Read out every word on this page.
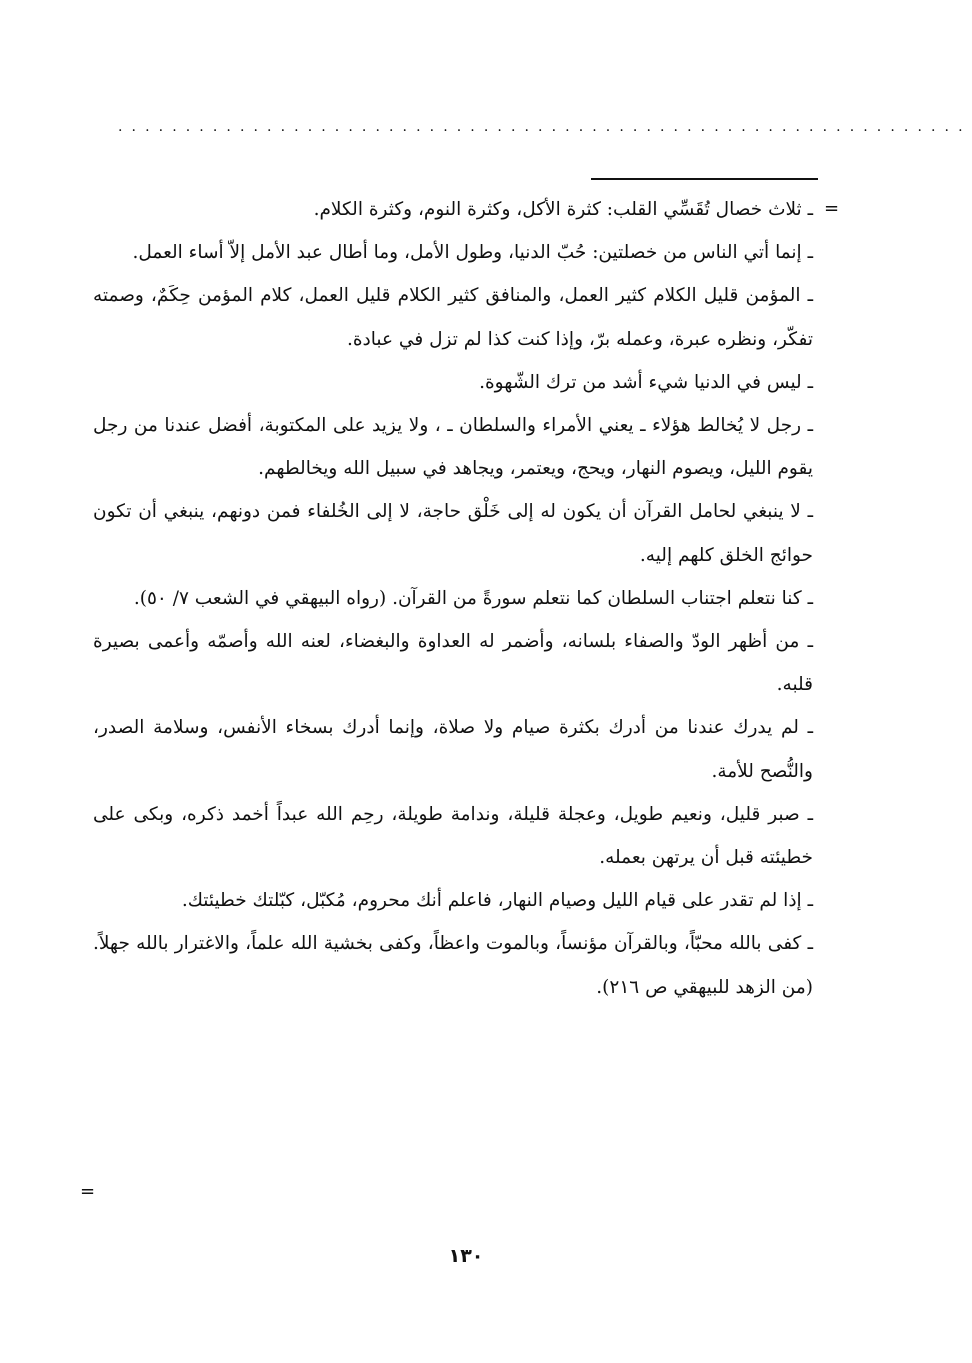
...............................................................
=
=

ـ ثلاث خصال تُقَسِّي القلب: كثرة الأكل، وكثرة النوم، وكثرة الكلام.

ـ إنما أتي الناس من خصلتين: حُبّ الدنيا، وطول الأمل، وما أطال عبد الأمل إلاّ أساء العمل.

ـ المؤمن قليل الكلام كثير العمل، والمنافق كثير الكلام قليل العمل، كلام المؤمن حِكَمٌ، وصمته تفكّر، ونظره عبرة، وعمله برّ، وإذا كنت كذا لم تزل في عبادة.

ـ ليس في الدنيا شيء أشد من ترك الشّهوة.

ـ رجل لا يُخالط هؤلاء ـ يعني الأمراء والسلطان ـ ، ولا يزيد على المكتوبة، أفضل عندنا من رجل يقوم الليل، ويصوم النهار، ويحج، ويعتمر، ويجاهد في سبيل الله ويخالطهم.

ـ لا ينبغي لحامل القرآن أن يكون له إلى خَلْق حاجة، لا إلى الخُلفاء فمن دونهم، ينبغي أن تكون حوائج الخلق كلهم إليه.

ـ كنا نتعلم اجتناب السلطان كما نتعلم سورةً من القرآن. (رواه البيهقي في الشعب ٧/ ٥٠).

ـ من أظهر الودّ والصفاء بلسانه، وأضمر له العداوة والبغضاء، لعنه الله وأصمّه وأعمى بصيرة قلبه.

ـ لم يدرك عندنا من أدرك بكثرة صيام ولا صلاة، وإنما أدرك بسخاء الأنفس، وسلامة الصدر، والنُّصح للأمة.

ـ صبر قليل، ونعيم طويل، وعجلة قليلة، وندامة طويلة، رحِم الله عبداً أخمد ذكره، وبكى على خطيئته قبل أن يرتهن بعمله.

ـ إذا لم تقدر على قيام الليل وصيام النهار، فاعلم أنك محروم، مُكبّل، كبّلتك خطيئتك.

ـ كفى بالله محبّاً، وبالقرآن مؤنساً، وبالموت واعظاً، وكفى بخشية الله علماً، والاغترار بالله جهلاً. (من الزهد للبيهقي ص ٢١٦).

١٣٠
